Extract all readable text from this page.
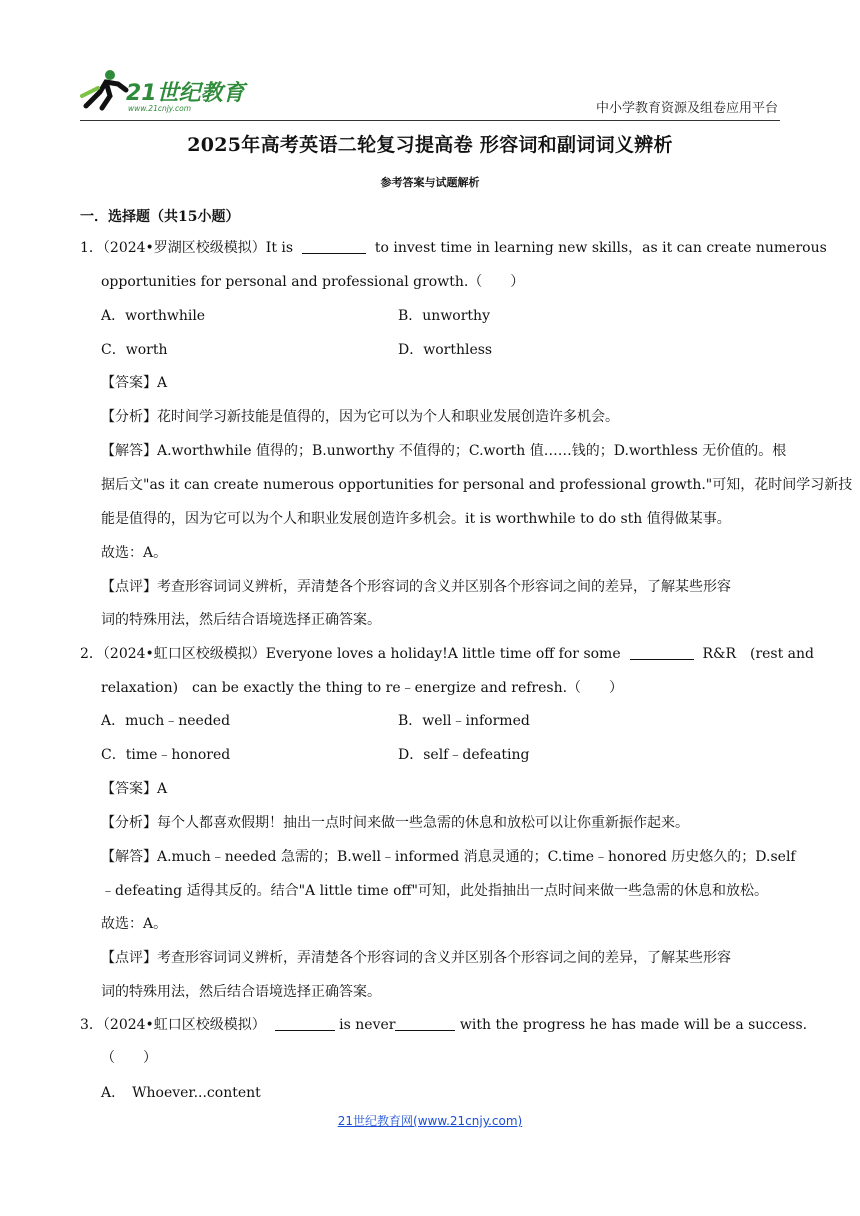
21世纪教育
www.21cnjy.com	中小学教育资源及组卷应用平台
2025年高考英语二轮复习提高卷 形容词和副词词义辨析
参考答案与试题解析
一．选择题（共15小题）
1．（2024•罗湖区校级模拟）It is	to invest time in learning new skills，as it can create numerous
opportunities for personal and professional growth.（　　）
A．worthwhile	B．unworthy
C．worth	D．worthless
【答案】A
【分析】花时间学习新技能是值得的，因为它可以为个人和职业发展创造许多机会。
【解答】A.worthwhile 值得的；B.unworthy 不值得的；C.worth 值……钱的；D.worthless 无价值的。根
据后文"as it can create numerous opportunities for personal and professional growth."可知，花时间学习新技
能是值得的，因为它可以为个人和职业发展创造许多机会。it is worthwhile to do sth 值得做某事。
故选：A。
【点评】考查形容词词义辨析，弄清楚各个形容词的含义并区别各个形容词之间的差异，了解某些形容
词的特殊用法，然后结合语境选择正确答案。
2．（2024•虹口区校级模拟）Everyone loves a holiday!A little time off for some	R&R　(rest and
relaxation)　can be exactly the thing to re﹣energize and refresh.（　　）
A．much﹣needed	B．well﹣informed
C．time﹣honored	D．self﹣defeating
【答案】A
【分析】每个人都喜欢假期！抽出一点时间来做一些急需的休息和放松可以让你重新振作起来。
【解答】A.much﹣needed 急需的；B.well﹣informed 消息灵通的；C.time﹣honored 历史悠久的；D.self
﹣defeating 适得其反的。结合"A little time off"可知，此处指抽出一点时间来做一些急需的休息和放松。
故选：A。
【点评】考查形容词词义辨析，弄清楚各个形容词的含义并区别各个形容词之间的差异，了解某些形容
词的特殊用法，然后结合语境选择正确答案。
3．（2024•虹口区校级模拟）	is never	with the progress he has made will be a success.
（　　）
A．　Whoever...content
21世纪教育网(www.21cnjy.com)
